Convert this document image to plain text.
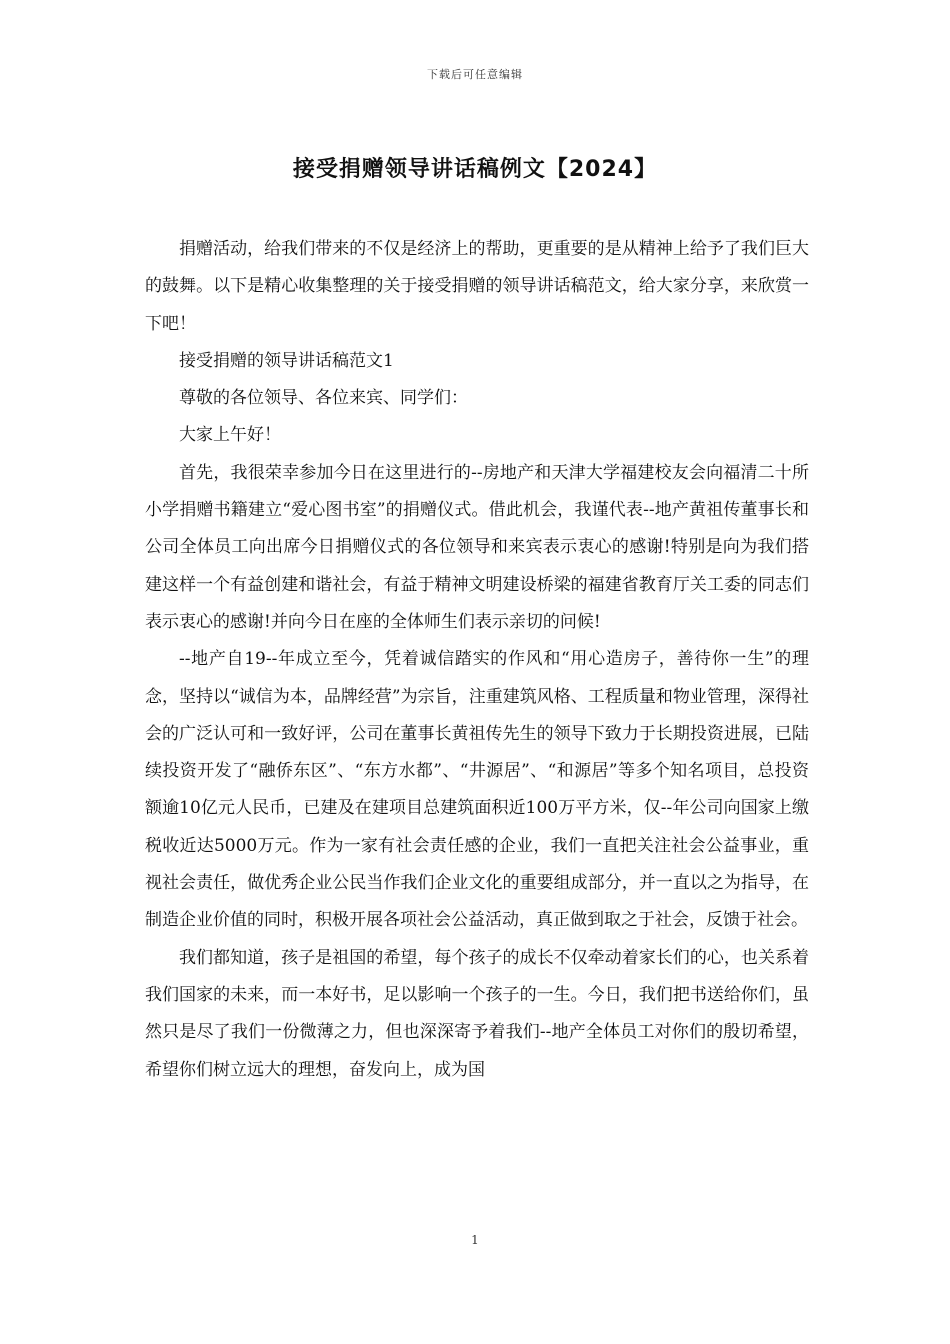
下载后可任意编辑
接受捐赠领导讲话稿例文【2024】

捐赠活动，给我们带来的不仅是经济上的帮助，更重要的是从精神上给予了我们巨大的鼓舞。以下是精心收集整理的关于接受捐赠的领导讲话稿范文，给大家分享，来欣赏一下吧！

接受捐赠的领导讲话稿范文1

尊敬的各位领导、各位来宾、同学们：

大家上午好！

首先，我很荣幸参加今日在这里进行的--房地产和天津大学福建校友会向福清二十所小学捐赠书籍建立“爱心图书室”的捐赠仪式。借此机会，我谨代表--地产黄祖传董事长和公司全体员工向出席今日捐赠仪式的各位领导和来宾表示衷心的感谢!特别是向为我们搭建这样一个有益创建和谐社会，有益于精神文明建设桥梁的福建省教育厅关工委的同志们表示衷心的感谢!并向今日在座的全体师生们表示亲切的问候!

--地产自19--年成立至今，凭着诚信踏实的作风和“用心造房子，善待你一生”的理念，坚持以“诚信为本，品牌经营”为宗旨，注重建筑风格、工程质量和物业管理，深得社会的广泛认可和一致好评，公司在董事长黄祖传先生的领导下致力于长期投资进展，已陆续投资开发了“融侨东区”、“东方水都”、“井源居”、“和源居”等多个知名项目，总投资额逾10亿元人民币，已建及在建项目总建筑面积近100万平方米，仅--年公司向国家上缴税收近达5000万元。作为一家有社会责任感的企业，我们一直把关注社会公益事业，重视社会责任，做优秀企业公民当作我们企业文化的重要组成部分，并一直以之为指导，在制造企业价值的同时，积极开展各项社会公益活动，真正做到取之于社会，反馈于社会。

我们都知道，孩子是祖国的希望，每个孩子的成长不仅牵动着家长们的心，也关系着我们国家的未来，而一本好书，足以影响一个孩子的一生。今日，我们把书送给你们，虽然只是尽了我们一份微薄之力，但也深深寄予着我们--地产全体员工对你们的殷切希望，希望你们树立远大的理想，奋发向上，成为国

1
